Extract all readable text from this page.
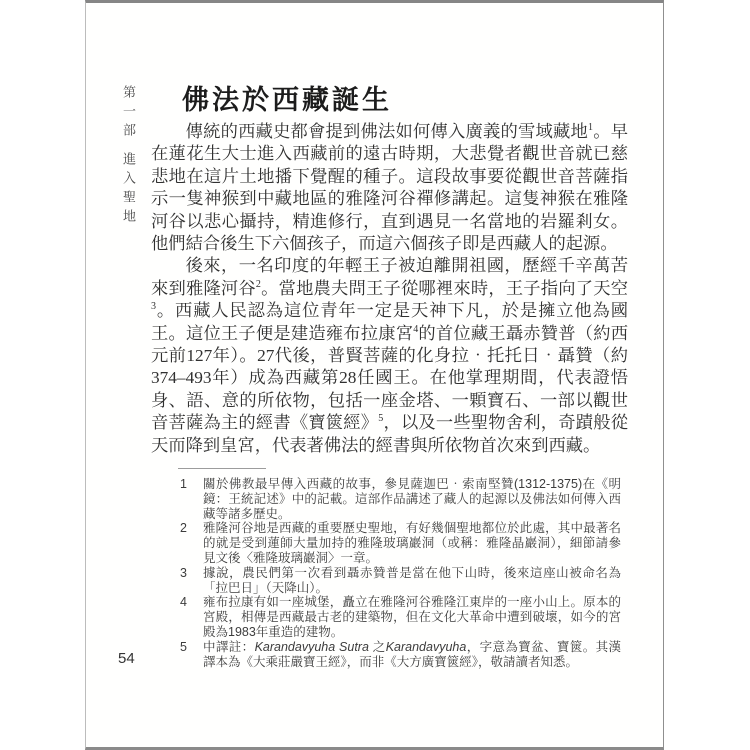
第一部進入聖地
佛法於西藏誕生

傳統的西藏史都會提到佛法如何傳入廣義的雪域藏地$^1$。早在蓮花生大士進入西藏前的遠古時期，大悲覺者觀世音就已慈悲地在這片土地播下覺醒的種子。這段故事要從觀世音菩薩指示一隻神猴到中藏地區的雅隆河谷禪修講起。這隻神猴在雅隆河谷以悲心攝持，精進修行，直到遇見一名當地的岩羅剎女。他們結合後生下六個孩子，而這六個孩子即是西藏人的起源。

後來，一名印度的年輕王子被迫離開祖國，歷經千辛萬苦來到雅隆河谷$^2$。當地農夫問王子從哪裡來時，王子指向了天空$^3$。西藏人民認為這位青年一定是天神下凡，於是擁立他為國王。這位王子便是建造雍布拉康宮$^4$的首位藏王聶赤贊普（約西元前127年）。27代後，普賢菩薩的化身拉‧托托日‧聶贊（約374–493年）成為西藏第28任國王。在他掌理期間，代表證悟身、語、意的所依物，包括一座金塔、一顆寶石、一部以觀世音菩薩為主的經書《寶篋經》$^5$，以及一些聖物舍利，奇蹟般從天而降到皇宮，代表著佛法的經書與所依物首次來到西藏。

1	關於佛教最早傳入西藏的故事，參見薩迦巴‧索南堅贊(1312-1375)在《明鏡：王統記述》中的記載。這部作品講述了藏人的起源以及佛法如何傳入西藏等諸多歷史。
2	雅隆河谷地是西藏的重要歷史聖地，有好幾個聖地都位於此處，其中最著名的就是受到蓮師大量加持的雅隆玻璃巖洞（或稱：雅隆晶巖洞），細節請參見文後〈雅隆玻璃巖洞〉一章。
3	據說，農民們第一次看到聶赤贊普是當在他下山時，後來這座山被命名為「拉巴日」（天降山）。
4	雍布拉康有如一座城堡，矗立在雅隆河谷雅隆江東岸的一座小山上。原本的宮殿，相傳是西藏最古老的建築物，但在文化大革命中遭到破壞，如今的宮殿為1983年重造的建物。
5	中譯註：Karandavyuha Sutra 之Karandavyuha，字意為寶盆、寶篋。其漢譯本為《大乘莊嚴寶王經》，而非《大方廣寶篋經》，敬請讀者知悉。
54
